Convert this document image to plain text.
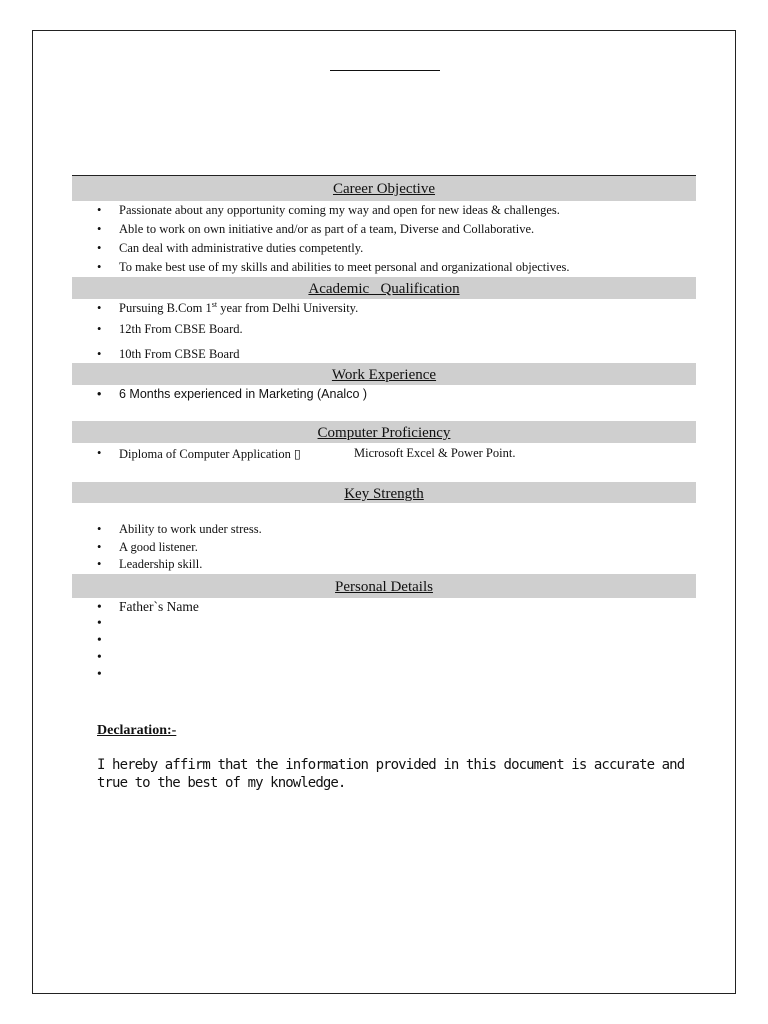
Career Objective
• Passionate about any opportunity coming my way and open for new ideas & challenges.
• Able to work on own initiative and/or as part of a team, Diverse and Collaborative.
• Can deal with administrative duties competently.
• To make best use of my skills and abilities to meet personal and organizational objectives.
Academic   Qualification
• Pursuing B.Com 1st year from Delhi University.
• 12th From CBSE Board.
• 10th From CBSE Board
Work Experience
• 6 Months experienced in Marketing (Analco )
Computer Proficiency
• Diploma of Computer Application ▯	Microsoft Excel & Power Point.
Key Strength
• Ability to work under stress.
• A good listener.
• Leadership skill.
Personal Details
• Father`s Name
•
•
•
•
Declaration:-
I hereby affirm that the information provided in this document is accurate and true to the best of my knowledge.
